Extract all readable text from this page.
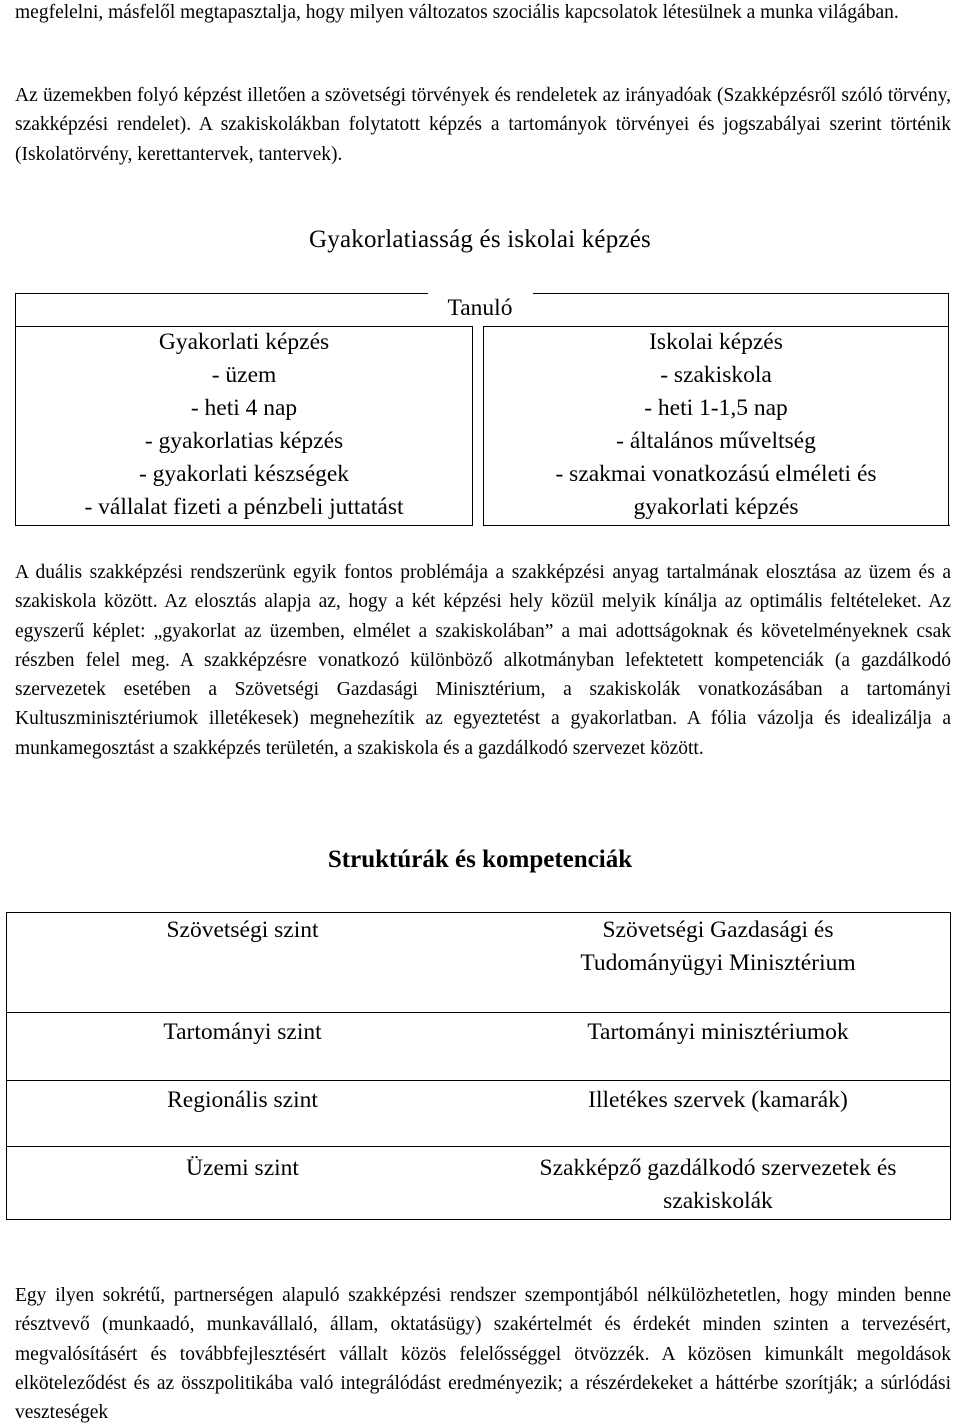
megfelelni, másfelől megtapasztalja, hogy milyen változatos szociális kapcsolatok létesülnek a munka világában.

Az üzemekben folyó képzést illetően a szövetségi törvények és rendeletek az irányadóak (Szakképzésről szóló törvény, szakképzési rendelet). A szakiskolákban folytatott képzés a tartományok törvényei és jogszabályai szerint történik (Iskolatörvény, kerettantervek, tantervek).

Gyakorlatiasság és iskolai képzés
Tanuló
Gyakorlati képzés
- üzem
- heti 4 nap
- gyakorlatias képzés
- gyakorlati készségek
- vállalat fizeti a pénzbeli juttatást
Iskolai képzés
- szakiskola
- heti 1-1,5 nap
- általános műveltség
- szakmai vonatkozású elméleti és
gyakorlati képzés

A duális szakképzési rendszerünk egyik fontos problémája a szakképzési anyag tartalmának elosztása az üzem és a szakiskola között. Az elosztás alapja az, hogy a két képzési hely közül melyik kínálja az optimális feltételeket. Az egyszerű képlet: „gyakorlat az üzemben, elmélet a szakiskolában” a mai adottságoknak és követelményeknek csak részben felel meg. A szakképzésre vonatkozó különböző alkotmányban lefektetett kompetenciák (a gazdálkodó szervezetek esetében a Szövetségi Gazdasági Minisztérium, a szakiskolák vonatkozásában a tartományi Kultuszminisztériumok illetékesek) megnehezítik az egyeztetést a gyakorlatban. A fólia vázolja és idealizálja a munkamegosztást a szakképzés területén, a szakiskola és a gazdálkodó szervezet között.

Struktúrák és kompetenciák
Szövetségi szint
Tartományi szint
Regionális szint
Üzemi szint
Szövetségi Gazdasági és
Tudományügyi Minisztérium
Tartományi minisztériumok
Illetékes szervek (kamarák)
Szakképző gazdálkodó szervezetek és
szakiskolák

Egy ilyen sokrétű, partnerségen alapuló szakképzési rendszer szempontjából nélkülözhetetlen, hogy minden benne résztvevő (munkaadó, munkavállaló, állam, oktatásügy) szakértelmét és érdekét minden szinten a tervezésért, megvalósításért és továbbfejlesztésért vállalt közös felelősséggel ötvözzék. A közösen kimunkált megoldások elköteleződést és az összpolitikába való integrálódást eredményezik; a részérdekeket a háttérbe szorítják; a súrlódási veszteségek
